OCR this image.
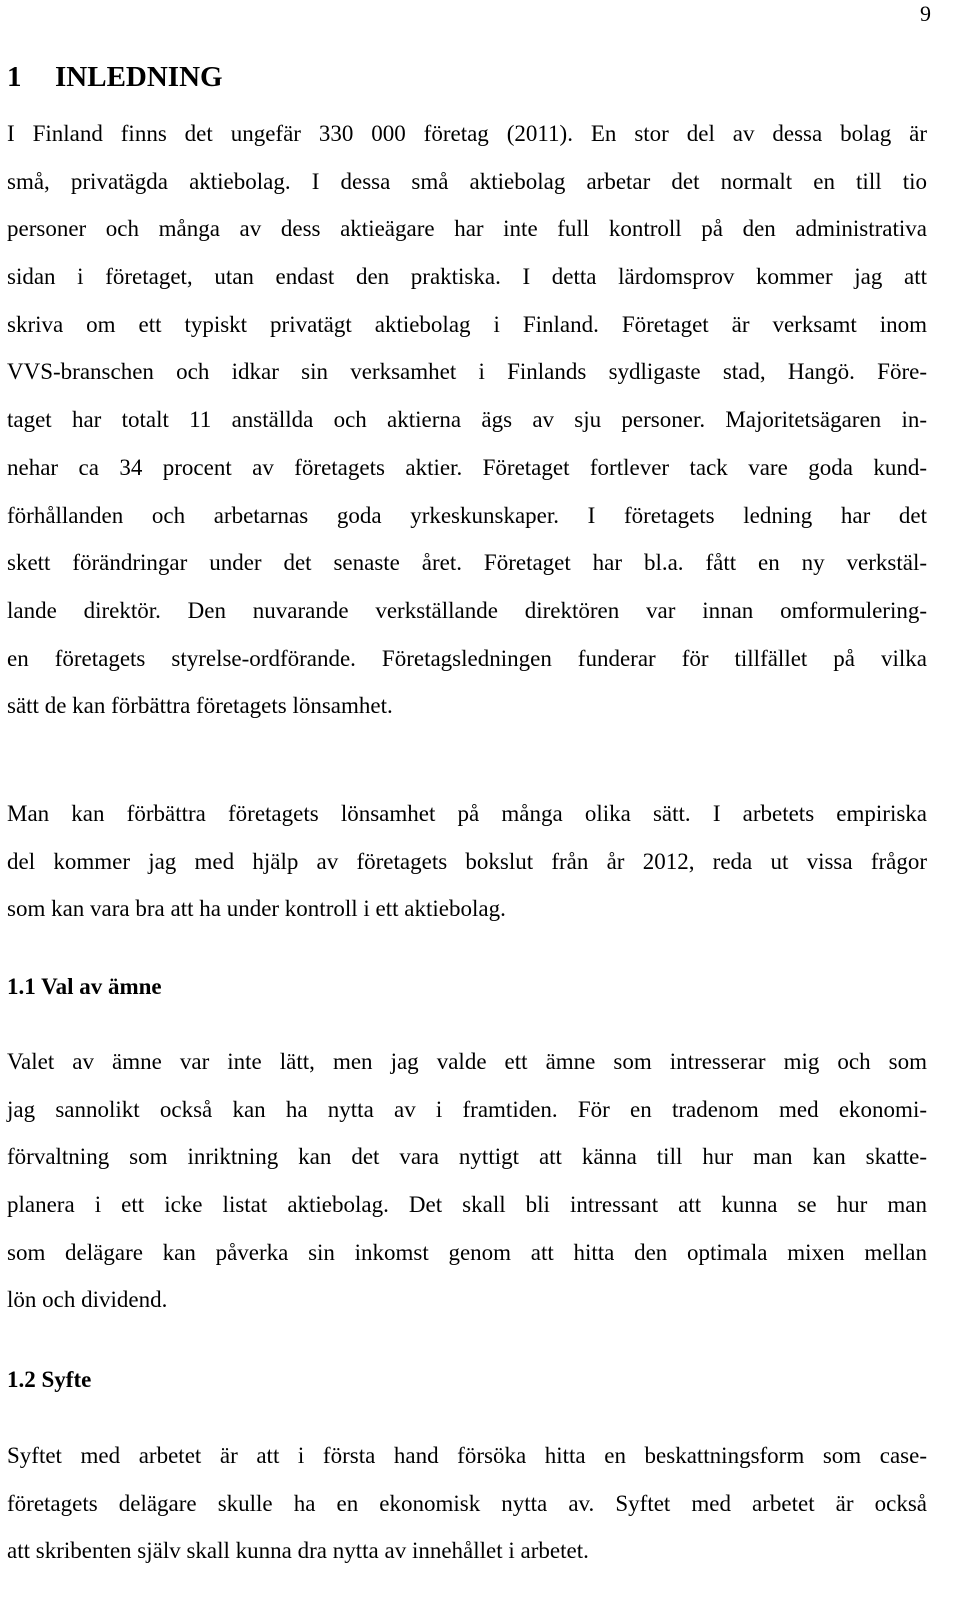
9
1 INLEDNING
I Finland finns det ungefär 330 000 företag (2011). En stor del av dessa bolag är
små, privatägda aktiebolag. I dessa små aktiebolag arbetar det normalt en till tio
personer och många av dess aktieägare har inte full kontroll på den administrativa
sidan i företaget, utan endast den praktiska. I detta lärdomsprov kommer jag att
skriva om ett typiskt privatägt aktiebolag i Finland. Företaget är verksamt inom
VVS-branschen och idkar sin verksamhet i Finlands sydligaste stad, Hangö. Före-
taget har totalt 11 anställda och aktierna ägs av sju personer. Majoritetsägaren in-
nehar ca 34 procent av företagets aktier. Företaget fortlever tack vare goda kund-
förhållanden och arbetarnas goda yrkeskunskaper. I företagets ledning har det
skett förändringar under det senaste året. Företaget har bl.a. fått en ny verkstäl-
lande direktör. Den nuvarande verkställande direktören var innan omformulering-
en företagets styrelse-ordförande. Företagsledningen funderar för tillfället på vilka
sätt de kan förbättra företagets lönsamhet.
Man kan förbättra företagets lönsamhet på många olika sätt. I arbetets empiriska
del kommer jag med hjälp av företagets bokslut från år 2012, reda ut vissa frågor
som kan vara bra att ha under kontroll i ett aktiebolag.
1.1 Val av ämne
Valet av ämne var inte lätt, men jag valde ett ämne som intresserar mig och som
jag sannolikt också kan ha nytta av i framtiden. För en tradenom med ekonomi-
förvaltning som inriktning kan det vara nyttigt att känna till hur man kan skatte-
planera i ett icke listat aktiebolag. Det skall bli intressant att kunna se hur man
som delägare kan påverka sin inkomst genom att hitta den optimala mixen mellan
lön och dividend.
1.2 Syfte
Syftet med arbetet är att i första hand försöka hitta en beskattningsform som case-
företagets delägare skulle ha en ekonomisk nytta av. Syftet med arbetet är också
att skribenten själv skall kunna dra nytta av innehållet i arbetet.
